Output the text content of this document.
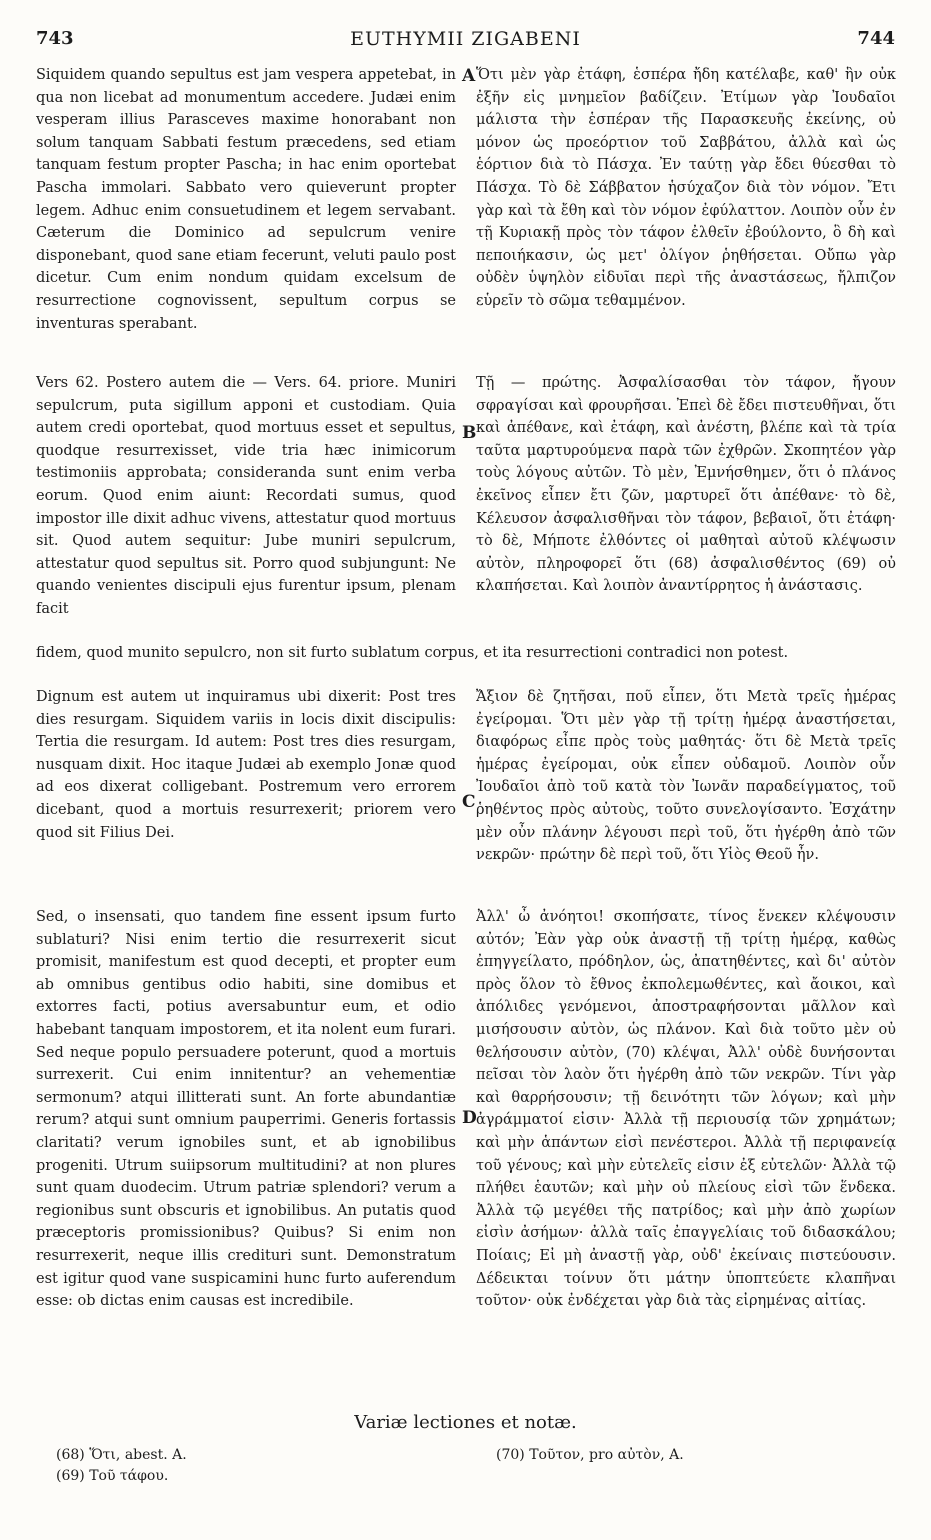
743	EUTHYMII ZIGABENI	744
A
B
C
D

Siquidem quando sepultus est jam vespera appetebat, in qua non licebat ad monumentum accedere. Judæi enim vesperam illius Parasceves maxime honorabant non solum tanquam Sabbati festum præcedens, sed etiam tanquam festum propter Pascha; in hac enim oportebat Pascha immolari. Sabbato vero quieverunt propter legem. Adhuc enim consuetudinem et legem servabant. Cæterum die Dominico ad sepulcrum venire disponebant, quod sane etiam fecerunt, veluti paulo post dicetur. Cum enim nondum quidam excelsum de resurrectione cognovissent, sepultum corpus se inventuras sperabant.

Ὅτι μὲν γὰρ ἐτάφη, ἑσπέρα ἤδη κατέλαβε, καθ' ἣν οὐκ ἐξῆν εἰς μνημεῖον βαδίζειν. Ἐτίμων γὰρ Ἰουδαῖοι μάλιστα τὴν ἑσπέραν τῆς Παρασκευῆς ἐκείνης, οὐ μόνον ὡς προεόρτιον τοῦ Σαββάτου, ἀλλὰ καὶ ὡς ἑόρτιον διὰ τὸ Πάσχα. Ἐν ταύτῃ γὰρ ἔδει θύεσθαι τὸ Πάσχα. Τὸ δὲ Σάββατον ἡσύχαζον διὰ τὸν νόμον. Ἔτι γὰρ καὶ τὰ ἔθη καὶ τὸν νόμον ἐφύλαττον. Λοιπὸν οὖν ἐν τῇ Κυριακῇ πρὸς τὸν τάφον ἐλθεῖν ἐβούλοντο, ὃ δὴ καὶ πεποιήκασιν, ὡς μετ' ὀλίγον ῥηθήσεται. Οὔπω γὰρ οὐδὲν ὑψηλὸν εἰδυῖαι περὶ τῆς ἀναστάσεως, ἤλπιζον εὑρεῖν τὸ σῶμα τεθαμμένον.

Vers 62. Postero autem die — Vers. 64. priore. Muniri sepulcrum, puta sigillum apponi et custodiam. Quia autem credi oportebat, quod mortuus esset et sepultus, quodque resurrexisset, vide tria hæc inimicorum testimoniis approbata; consideranda sunt enim verba eorum. Quod enim aiunt: Recordati sumus, quod impostor ille dixit adhuc vivens, attestatur quod mortuus sit. Quod autem sequitur: Jube muniri sepulcrum, attestatur quod sepultus sit. Porro quod subjungunt: Ne quando venientes discipuli ejus furentur ipsum, plenam facit

Τῇ — πρώτης. Ἀσφαλίσασθαι τὸν τάφον, ἤγουν σφραγίσαι καὶ φρουρῆσαι. Ἐπεὶ δὲ ἔδει πιστευθῆναι, ὅτι καὶ ἀπέθανε, καὶ ἐτάφη, καὶ ἀνέστη, βλέπε καὶ τὰ τρία ταῦτα μαρτυρούμενα παρὰ τῶν ἐχθρῶν. Σκοπητέον γὰρ τοὺς λόγους αὐτῶν. Τὸ μὲν, Ἐμνήσθημεν, ὅτι ὁ πλάνος ἐκεῖνος εἶπεν ἔτι ζῶν, μαρτυρεῖ ὅτι ἀπέθανε· τὸ δὲ, Κέλευσον ἀσφαλισθῆναι τὸν τάφον, βεβαιοῖ, ὅτι ἐτάφη· τὸ δὲ, Μήποτε ἐλθόντες οἱ μαθηταὶ αὐτοῦ κλέψωσιν αὐτὸν, πληροφορεῖ ὅτι (68) ἀσφαλισθέντος (69) οὐ κλαπήσεται. Καὶ λοιπὸν ἀναντίρρητος ἡ ἀνάστασις.

fidem, quod munito sepulcro, non sit furto sublatum corpus, et ita resurrectioni contradici non potest.

Dignum est autem ut inquiramus ubi dixerit: Post tres dies resurgam. Siquidem variis in locis dixit discipulis: Tertia die resurgam. Id autem: Post tres dies resurgam, nusquam dixit. Hoc itaque Judæi ab exemplo Jonæ quod ad eos dixerat colligebant. Postremum vero errorem dicebant, quod a mortuis resurrexerit; priorem vero quod sit Filius Dei.

Ἄξιον δὲ ζητῆσαι, ποῦ εἶπεν, ὅτι Μετὰ τρεῖς ἡμέρας ἐγείρομαι. Ὅτι μὲν γὰρ τῇ τρίτῃ ἡμέρᾳ ἀναστήσεται, διαφόρως εἶπε πρὸς τοὺς μαθητάς· ὅτι δὲ Μετὰ τρεῖς ἡμέρας ἐγείρομαι, οὐκ εἶπεν οὐδαμοῦ. Λοιπὸν οὖν Ἰουδαῖοι ἀπὸ τοῦ κατὰ τὸν Ἰωνᾶν παραδείγματος, τοῦ ῥηθέντος πρὸς αὐτοὺς, τοῦτο συνελογίσαντο. Ἐσχάτην μὲν οὖν πλάνην λέγουσι περὶ τοῦ, ὅτι ἠγέρθη ἀπὸ τῶν νεκρῶν· πρώτην δὲ περὶ τοῦ, ὅτι Υἱὸς Θεοῦ ἦν.

Sed, o insensati, quo tandem fine essent ipsum furto sublaturi? Nisi enim tertio die resurrexerit sicut promisit, manifestum est quod decepti, et propter eum ab omnibus gentibus odio habiti, sine domibus et extorres facti, potius aversabuntur eum, et odio habebant tanquam impostorem, et ita nolent eum furari. Sed neque populo persuadere poterunt, quod a mortuis surrexerit. Cui enim innitentur? an vehementiæ sermonum? atqui illitterati sunt. An forte abundantiæ rerum? atqui sunt omnium pauperrimi. Generis fortassis claritati? verum ignobiles sunt, et ab ignobilibus progeniti. Utrum suiipsorum multitudini? at non plures sunt quam duodecim. Utrum patriæ splendori? verum a regionibus sunt obscuris et ignobilibus. An putatis quod præceptoris promissionibus? Quibus? Si enim non resurrexerit, neque illis credituri sunt. Demonstratum est igitur quod vane suspicamini hunc furto auferendum esse: ob dictas enim causas est incredibile.

Ἀλλ' ὦ ἀνόητοι! σκοπήσατε, τίνος ἕνεκεν κλέψουσιν αὐτόν; Ἐὰν γὰρ οὐκ ἀναστῇ τῇ τρίτῃ ἡμέρᾳ, καθὼς ἐπηγγείλατο, πρόδηλον, ὡς, ἀπατηθέντες, καὶ δι' αὐτὸν πρὸς ὅλον τὸ ἔθνος ἐκπολεμωθέντες, καὶ ἄοικοι, καὶ ἀπόλιδες γενόμενοι, ἀποστραφήσονται μᾶλλον καὶ μισήσουσιν αὐτὸν, ὡς πλάνον. Καὶ διὰ τοῦτο μὲν οὐ θελήσουσιν αὐτὸν, (70) κλέψαι, Ἀλλ' οὐδὲ δυνήσονται πεῖσαι τὸν λαὸν ὅτι ἠγέρθη ἀπὸ τῶν νεκρῶν. Τίνι γὰρ καὶ θαρρήσουσιν; τῇ δεινότητι τῶν λόγων; καὶ μὴν ἀγράμματοί εἰσιν· Ἀλλὰ τῇ περιουσίᾳ τῶν χρημάτων; καὶ μὴν ἁπάντων εἰσὶ πενέστεροι. Ἀλλὰ τῇ περιφανείᾳ τοῦ γένους; καὶ μὴν εὐτελεῖς εἰσιν ἐξ εὐτελῶν· Ἀλλὰ τῷ πλήθει ἑαυτῶν; καὶ μὴν οὐ πλείους εἰσὶ τῶν ἕνδεκα. Ἀλλὰ τῷ μεγέθει τῆς πατρίδος; καὶ μὴν ἀπὸ χωρίων εἰσὶν ἀσήμων· ἀλλὰ ταῖς ἐπαγγελίαις τοῦ διδασκάλου; Ποίαις; Εἰ μὴ ἀναστῇ γὰρ, οὐδ' ἐκείναις πιστεύουσιν. Δέδεικται τοίνυν ὅτι μάτην ὑποπτεύετε κλαπῆναι τοῦτον· οὐκ ἐνδέχεται γὰρ διὰ τὰς εἰρημένας αἰτίας.

Variæ lectiones et notæ.
(68) Ὅτι, abest. A.
(69) Τοῦ τάφου.
(70) Τοῦτον, pro αὐτὸν, A.
